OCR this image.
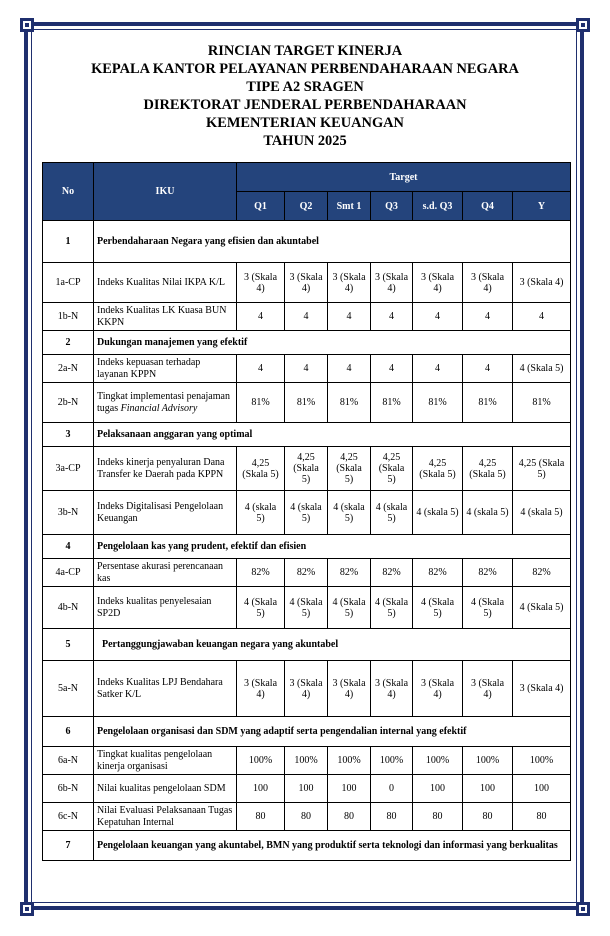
RINCIAN TARGET KINERJA
KEPALA KANTOR PELAYANAN PERBENDAHARAAN NEGARA
TIPE A2 SRAGEN
DIREKTORAT JENDERAL PERBENDAHARAAN
KEMENTERIAN KEUANGAN
TAHUN 2025
No	IKU	Target						
		Q1	Q2	Smt 1	Q3	s.d. Q3	Q4	Y
1	Perbendaharaan Negara yang efisien dan akuntabel							
1a-CP	Indeks Kualitas Nilai IKPA K/L	3 (Skala 4)	3 (Skala 4)	3 (Skala 4)	3 (Skala 4)	3 (Skala 4)	3 (Skala 4)	3 (Skala 4)
1b-N	Indeks Kualitas LK Kuasa BUN KKPN	4	4	4	4	4	4	4
2	Dukungan manajemen yang efektif							
2a-N	Indeks kepuasan terhadap layanan KPPN	4	4	4	4	4	4	4 (Skala 5)
2b-N	Tingkat implementasi penajaman tugas Financial Advisory	81%	81%	81%	81%	81%	81%	81%
3	Pelaksanaan anggaran yang optimal							
3a-CP	Indeks kinerja penyaluran Dana Transfer ke Daerah pada KPPN	4,25 (Skala 5)	4,25 (Skala 5)	4,25 (Skala 5)	4,25 (Skala 5)	4,25 (Skala 5)	4,25 (Skala 5)	4,25 (Skala 5)
3b-N	Indeks Digitalisasi Pengelolaan Keuangan	4 (skala 5)	4 (skala 5)	4 (skala 5)	4 (skala 5)	4 (skala 5)	4 (skala 5)	4 (skala 5)
4	Pengelolaan kas yang prudent, efektif dan efisien							
4a-CP	Persentase akurasi perencanaan kas	82%	82%	82%	82%	82%	82%	82%
4b-N	Indeks kualitas penyelesaian SP2D	4 (Skala 5)	4 (Skala 5)	4 (Skala 5)	4 (Skala 5)	4 (Skala 5)	4 (Skala 5)	4 (Skala 5)
5	Pertanggungjawaban keuangan negara yang akuntabel							
5a-N	Indeks Kualitas LPJ Bendahara Satker K/L	3 (Skala 4)	3 (Skala 4)	3 (Skala 4)	3 (Skala 4)	3 (Skala 4)	3 (Skala 4)	3 (Skala 4)
6	Pengelolaan organisasi dan SDM yang adaptif serta pengendalian internal yang efektif							
6a-N	Tingkat kualitas pengelolaan kinerja organisasi	100%	100%	100%	100%	100%	100%	100%
6b-N	Nilai kualitas pengelolaan SDM	100	100	100	0	100	100	100
6c-N	Nilai Evaluasi Pelaksanaan Tugas Kepatuhan Internal	80	80	80	80	80	80	80
7	Pengelolaan keuangan yang akuntabel, BMN yang produktif serta teknologi dan informasi yang berkualitas							
